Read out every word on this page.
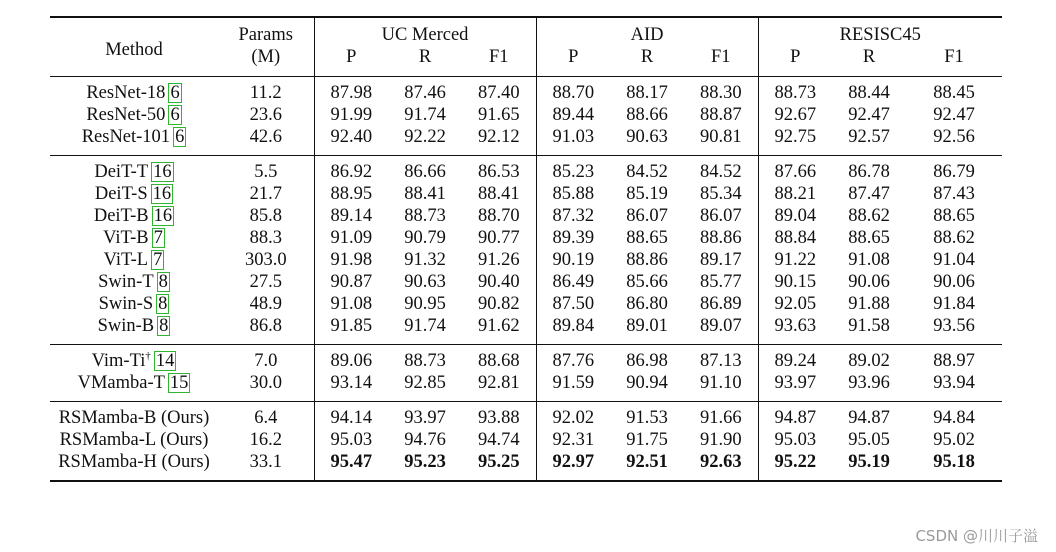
Method	Params	UC Merced			AID			RESISC45		
	(M)	P	R	F1	P	R	F1	P	R	F1
ResNet-18 6	11.2	87.98	87.46	87.40	88.70	88.17	88.30	88.73	88.44	88.45
ResNet-50 6	23.6	91.99	91.74	91.65	89.44	88.66	88.87	92.67	92.47	92.47
ResNet-101 6	42.6	92.40	92.22	92.12	91.03	90.63	90.81	92.75	92.57	92.56
DeiT-T 16	5.5	86.92	86.66	86.53	85.23	84.52	84.52	87.66	86.78	86.79
DeiT-S 16	21.7	88.95	88.41	88.41	85.88	85.19	85.34	88.21	87.47	87.43
DeiT-B 16	85.8	89.14	88.73	88.70	87.32	86.07	86.07	89.04	88.62	88.65
ViT-B 7	88.3	91.09	90.79	90.77	89.39	88.65	88.86	88.84	88.65	88.62
ViT-L 7	303.0	91.98	91.32	91.26	90.19	88.86	89.17	91.22	91.08	91.04
Swin-T 8	27.5	90.87	90.63	90.40	86.49	85.66	85.77	90.15	90.06	90.06
Swin-S 8	48.9	91.08	90.95	90.82	87.50	86.80	86.89	92.05	91.88	91.84
Swin-B 8	86.8	91.85	91.74	91.62	89.84	89.01	89.07	93.63	91.58	93.56
Vim-Ti† 14	7.0	89.06	88.73	88.68	87.76	86.98	87.13	89.24	89.02	88.97
VMamba-T 15	30.0	93.14	92.85	92.81	91.59	90.94	91.10	93.97	93.96	93.94
RSMamba-B (Ours)	6.4	94.14	93.97	93.88	92.02	91.53	91.66	94.87	94.87	94.84
RSMamba-L (Ours)	16.2	95.03	94.76	94.74	92.31	91.75	91.90	95.03	95.05	95.02
RSMamba-H (Ours)	33.1	95.47	95.23	95.25	92.97	92.51	92.63	95.22	95.19	95.18
CSDN @川川子溢
